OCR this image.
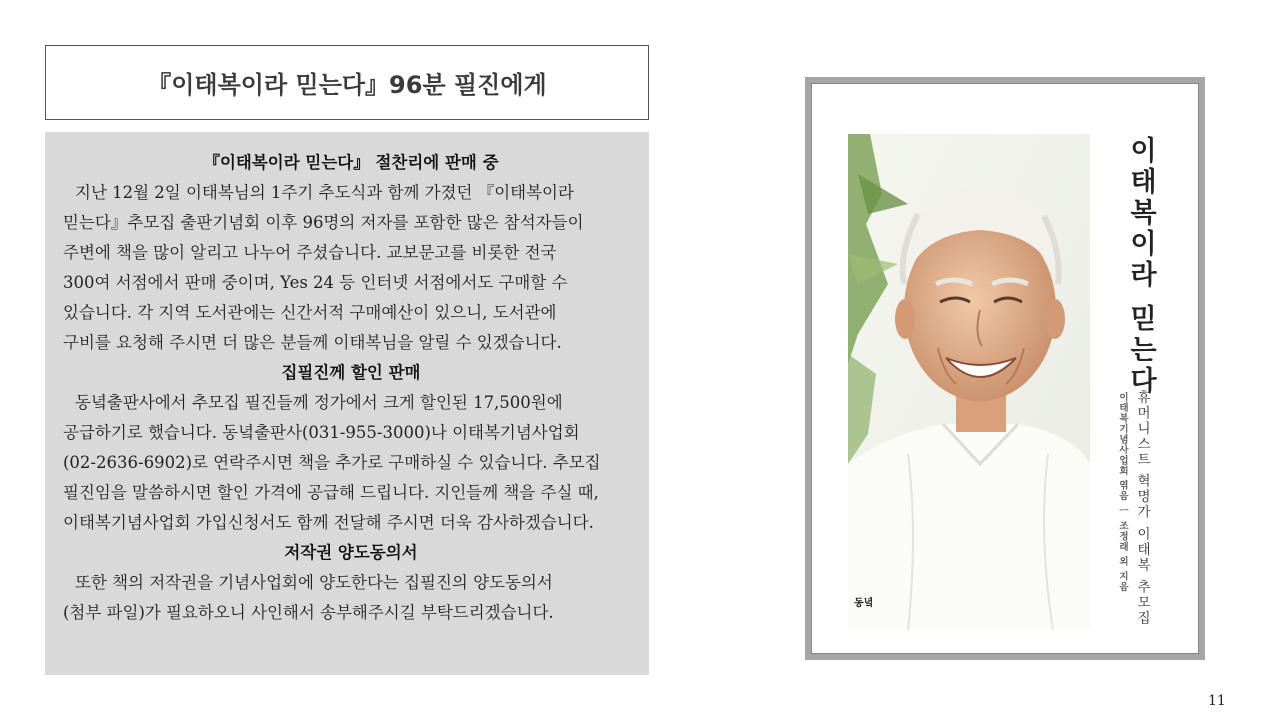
『이태복이라 믿는다』96분 필진에게
『이태복이라 믿는다』 절찬리에 판매 중
지난 12월 2일 이태복님의 1주기 추도식과 함께 가졌던 『이태복이라
믿는다』추모집 출판기념회 이후 96명의 저자를 포함한 많은 참석자들이
주변에 책을 많이 알리고 나누어 주셨습니다. 교보문고를 비롯한 전국
300여 서점에서 판매 중이며, Yes 24 등 인터넷 서점에서도 구매할 수
있습니다. 각 지역 도서관에는 신간서적 구매예산이 있으니, 도서관에
구비를 요청해 주시면 더 많은 분들께 이태복님을 알릴 수 있겠습니다.
집필진께 할인 판매
동녘출판사에서 추모집 필진들께 정가에서 크게 할인된 17,500원에
공급하기로 했습니다. 동녘출판사(031-955-3000)나 이태복기념사업회
(02-2636-6902)로 연락주시면 책을 추가로 구매하실 수 있습니다. 추모집
필진임을 말씀하시면 할인 가격에 공급해 드립니다. 지인들께 책을 주실 때,
이태복기념사업회 가입신청서도 함께 전달해 주시면 더욱 감사하겠습니다.
저작권 양도동의서
또한 책의 저작권을 기념사업회에 양도한다는 집필진의 양도동의서
(첨부 파일)가 필요하오니 사인해서 송부해주시길 부탁드리겠습니다.
이태복이라 믿는다
휴머니스트 혁명가 이태복 추모집
이태복기념사업회 엮음 ㅡ 조정래 외 지음
동녘
11
